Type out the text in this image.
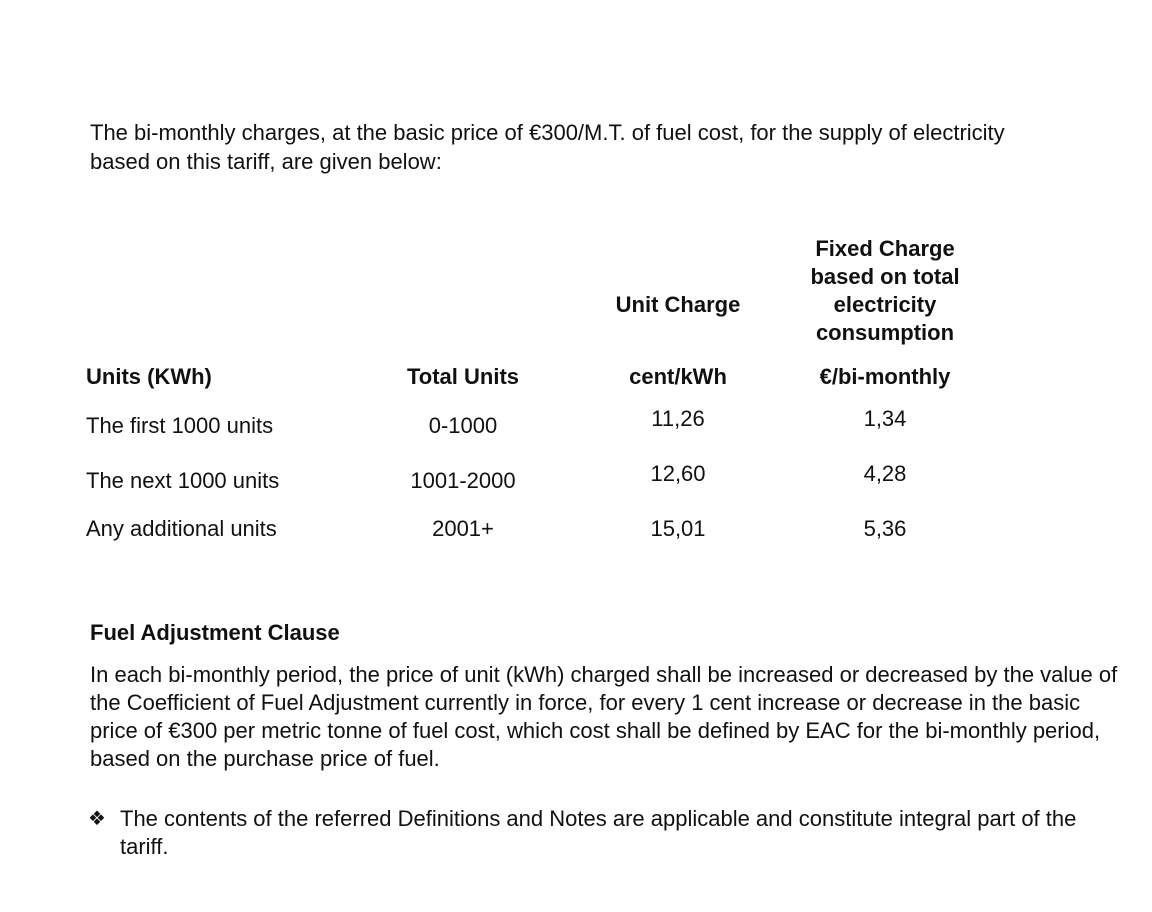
The bi-monthly charges, at the basic price of €300/M.T. of fuel cost, for the supply of electricity based on this tariff, are given below:

Unit Charge
Fixed Charge
based on total
electricity
consumption
Units (KWh)	Total Units	cent/kWh	€/bi-monthly
The first 1000 units	0-1000	11,26	1,34
The next 1000 units	1001-2000	12,60	4,28
Any additional units	2001+	15,01	5,36

Fuel Adjustment Clause

In each bi-monthly period, the price of unit (kWh) charged shall be increased or decreased by the value of the Coefficient of Fuel Adjustment currently in force, for every 1 cent increase or decrease in the basic price of €300 per metric tonne of fuel cost, which cost shall be defined by EAC for the bi-monthly period, based on the purchase price of fuel.

❖ The contents of the referred Definitions and Notes are applicable and constitute integral part of the tariff.
